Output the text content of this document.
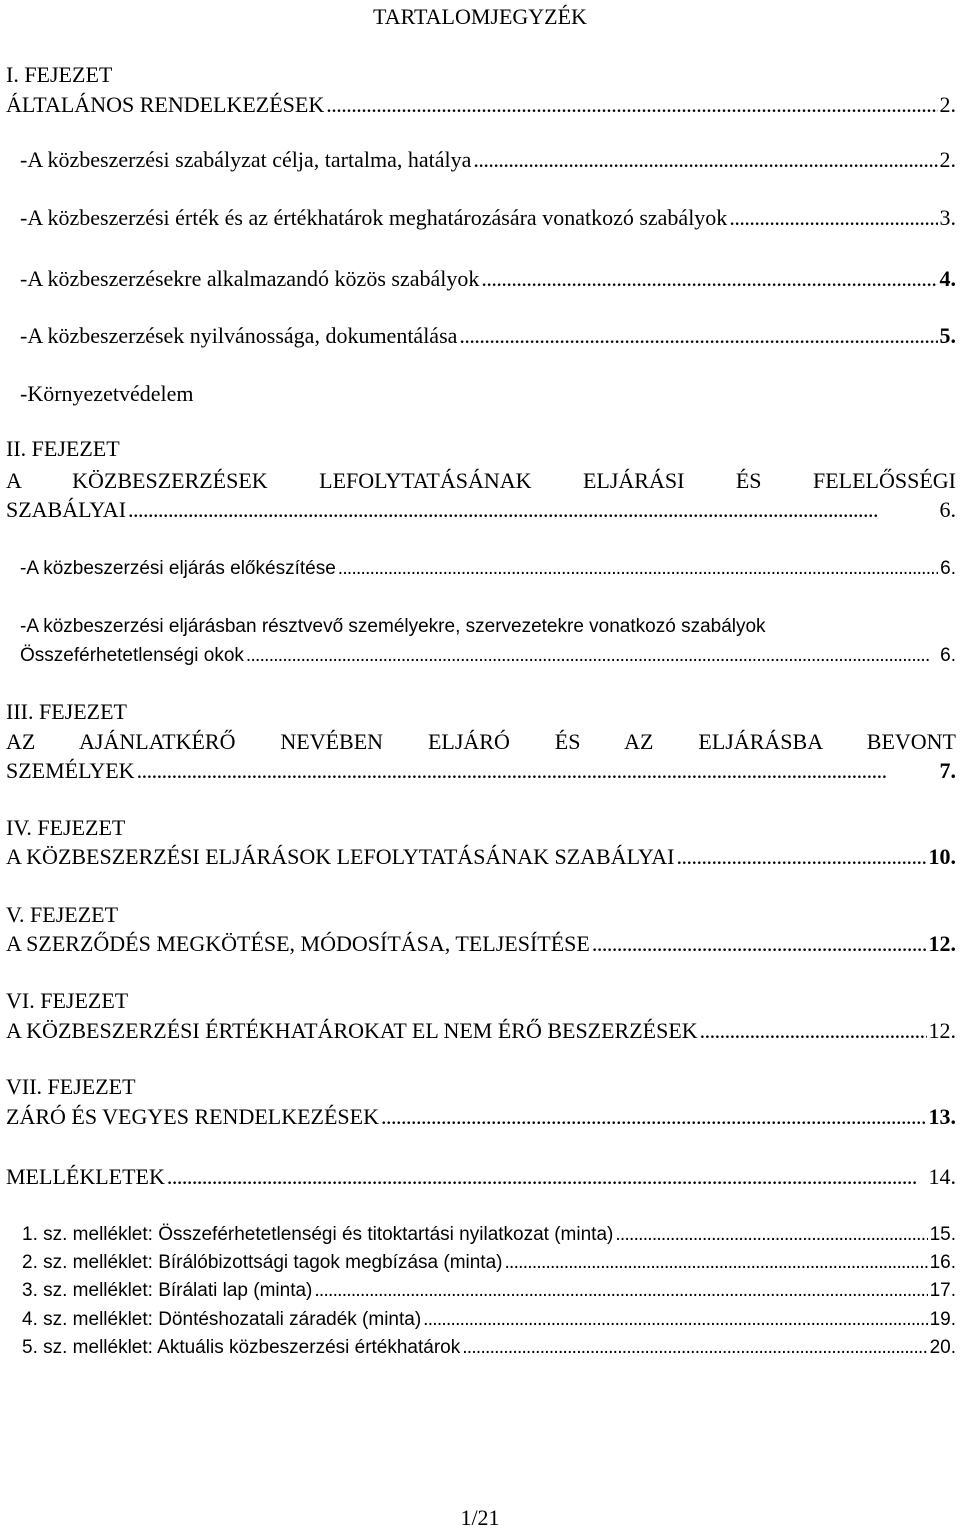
TARTALOMJEGYZÉK
I. FEJEZET
ÁLTALÁNOS RENDELKEZÉSEK . . .	2.
-A közbeszerzési szabályzat célja, tartalma, hatálya . . .	2.
-A közbeszerzési érték és az értékhatárok meghatározására vonatkozó szabályok . . .	3.
-A közbeszerzésekre alkalmazandó közös szabályok . . .	4.
-A közbeszerzések nyilvánossága, dokumentálása . . .	5.
-Környezetvédelem
II. FEJEZET
A KÖZBESZERZÉSEK LEFOLYTATÁSÁNAK ELJÁRÁSI ÉS FELELŐSSÉGI
SZABÁLYAI . . .	6.
-A közbeszerzési eljárás előkészítése . . .	6.
-A közbeszerzési eljárásban résztvevő személyekre, szervezetekre vonatkozó szabályok
Összeférhetetlenségi okok . . .	6.
III. FEJEZET
AZ AJÁNLATKÉRŐ NEVÉBEN ELJÁRÓ ÉS AZ ELJÁRÁSBA BEVONT
SZEMÉLYEK . . .	7.
IV. FEJEZET
A KÖZBESZERZÉSI ELJÁRÁSOK LEFOLYTATÁSÁNAK SZABÁLYAI . . .	10.
V. FEJEZET
A SZERZŐDÉS MEGKÖTÉSE, MÓDOSÍTÁSA, TELJESÍTÉSE . . .	12.
VI. FEJEZET
A KÖZBESZERZÉSI ÉRTÉKHATÁROKAT EL NEM ÉRŐ BESZERZÉSEK . . .	12.
VII. FEJEZET
ZÁRÓ ÉS VEGYES RENDELKEZÉSEK . . .	13.
MELLÉKLETEK . . .	14.
1. sz. melléklet: Összeférhetetlenségi és titoktartási nyilatkozat (minta) . . .	15.
2. sz. melléklet: Bírálóbizottsági tagok megbízása (minta) . . .	16.
3. sz. melléklet: Bírálati lap (minta) . . .	17.
4. sz. melléklet: Döntéshozatali záradék (minta) . . .	19.
5. sz. melléklet: Aktuális közbeszerzési értékhatárok . . .	20.
1/21
